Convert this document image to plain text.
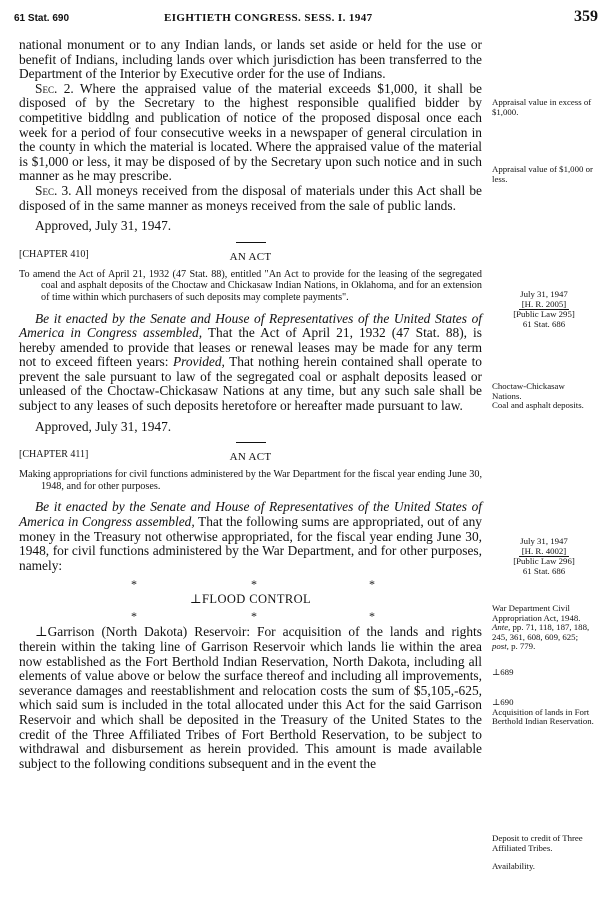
61 Stat. 690	EIGHTIETH CONGRESS. SESS. I. 1947	359

national monument or to any Indian lands, or lands set aside or held for the use or benefit of Indians, including lands over which jurisdiction has been transferred to the Department of the Interior by Executive order for the use of Indians.

Sec. 2. Where the appraised value of the material exceeds $1,000, it shall be disposed of by the Secretary to the highest responsible qualified bidder by competitive biddlng and publication of notice of the proposed disposal once each week for a period of four consecutive weeks in a newspaper of general circulation in the county in which the material is located. Where the appraised value of the material is $1,000 or less, it may be disposed of by the Secretary upon such notice and in such manner as he may prescribe.

Sec. 3. All moneys received from the disposal of materials under this Act shall be disposed of in the same manner as moneys received from the sale of public lands.

Approved, July 31, 1947.

[CHAPTER 410]	AN ACT

To amend the Act of April 21, 1932 (47 Stat. 88), entitled "An Act to provide for the leasing of the segregated coal and asphalt deposits of the Choctaw and Chickasaw Indian Nations, in Oklahoma, and for an extension of time within which purchasers of such deposits may complete payments".

Be it enacted by the Senate and House of Representatives of the United States of America in Congress assembled, That the Act of April 21, 1932 (47 Stat. 88), is hereby amended to provide that leases or renewal leases may be made for any term not to exceed fifteen years: Provided, That nothing herein contained shall operate to prevent the sale pursuant to law of the segregated coal or asphalt deposits leased or unleased of the Choctaw-Chickasaw Nations at any time, but any such sale shall be subject to any leases of such deposits heretofore or hereafter made pursuant to law.

Approved, July 31, 1947.

[CHAPTER 411]	AN ACT

Making appropriations for civil functions administered by the War Department for the fiscal year ending June 30, 1948, and for other purposes.

Be it enacted by the Senate and House of Representatives of the United States of America in Congress assembled, That the following sums are appropriated, out of any money in the Treasury not otherwise appropriated, for the fiscal year ending June 30, 1948, for civil functions administered by the War Department, and for other purposes, namely:

*	*	*
⊥FLOOD CONTROL
*	*	*

⊥Garrison (North Dakota) Reservoir: For acquisition of the lands and rights therein within the taking line of Garrison Reservoir which lands lie within the area now established as the Fort Berthold Indian Reservation, North Dakota, including all elements of value above or below the surface thereof and including all improvements, severance damages and reestablishment and relocation costs the sum of $5,105,-625, which said sum is included in the total allocated under this Act for the said Garrison Reservoir and which shall be deposited in the Treasury of the United States to the credit of the Three Affiliated Tribes of Fort Berthold Reservation, to be subject to withdrawal and disbursement as herein provided. This amount is made available subject to the following conditions subsequent and in the event the

Appraisal value in excess of $1,000.
Appraisal value of $1,000 or less.
July 31, 1947
[H. R. 2005]
[Public Law 295]
61 Stat. 686
Choctaw-Chickasaw Nations.
Coal and asphalt deposits.
July 31, 1947
[H. R. 4002]
[Public Law 296]
61 Stat. 686
War Department Civil Appropriation Act, 1948.
Ante, pp. 71, 118, 187, 188, 245, 361, 608, 609, 625; post, p. 779.
⊥689
⊥690
Acquisition of lands in Fort Berthold Indian Reservation.
Deposit to credit of Three Affiliated Tribes.
Availability.
